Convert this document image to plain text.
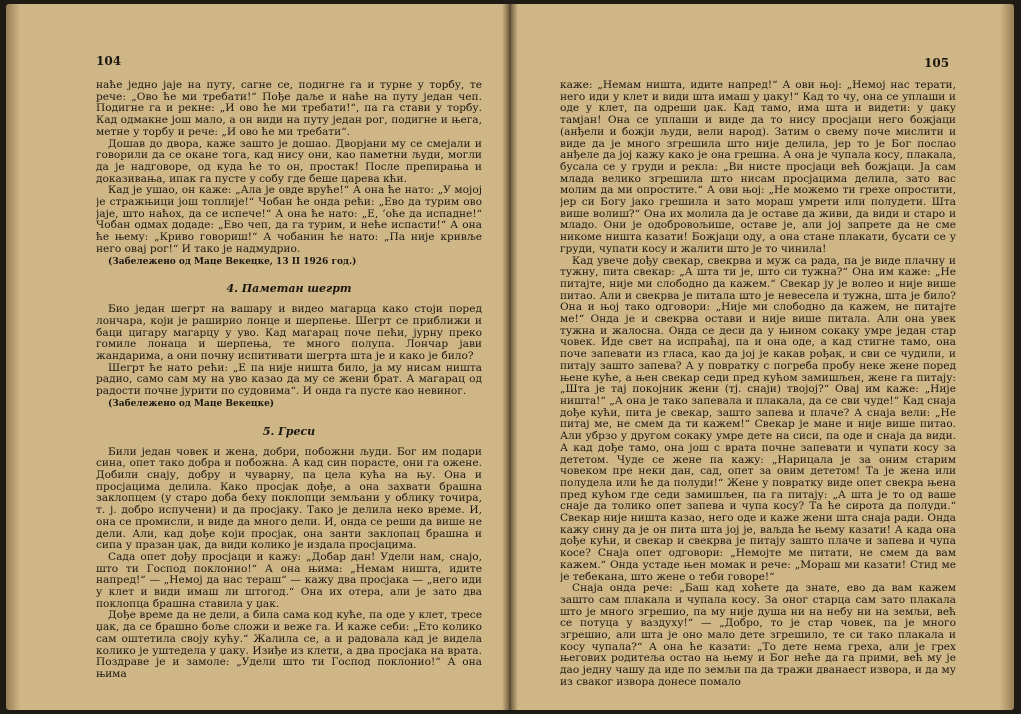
104

наће једно јаје на путу, сагне се, подигне га и турне у торбу, те рече: „Ово ће ми требати!“ Пође даље и наће на путу један чеп. Подигне га и рекне: „И ово ће ми требати!“, па га стави у торбу. Кад одмакне још мало, а он види на путу један рог, подигне и њега, метне у торбу и рече: „И ово ће ми требати“.

Дошав до двора, каже зашто је дошао. Дворјани му се смејали и говорили да се окане тога, кад нису они, као паметни људи, могли да је надговоре, од куда ће то он, простак! После препирања и доказивања, ипак га пусте у собу где беше царева кћи.

Кад је ушао, он каже: „Ала је овде вруће!“ А она ће нато: „У мојој је стражњици још топлије!“ Чобан ће онда рећи: „Ево да турим ово јаје, што наћох, да се испече!“ А она ће нато: „Е, ’оће да испадне!“ Чобан одмах додаде: „Ево чеп, да га турим, и неће испасти!“ А она ће њему: „Криво говориш!“ А чобанин ће нато: „Па није кривље него овај рог!“ И тако је надмудрио.

(Забележено од Маце Векецке, 13 II 1926 год.)
4. Паметан шегрт

Био један шегрт на вашару и видео магарца како стоји поред лончара, који је раширио лонце и шерпење. Шегрт се приближи и баци цигару магарцу у уво. Кад магарац поче пећи, јурну преко гомиле лонаца и шерпења, те много полупа. Лончар јави жандарима, а они почну испитивати шегрта шта је и како је било?

Шегрт ће нато рећи: „Е па није ништа било, ја му нисам ништа радио, само сам му на уво казао да му се жени брат. А магарац од радости почне јурити по судовима“. И онда га пусте као невиног.

(Забележено од Маце Векецке)
5. Греси

Били један човек и жена, добри, побожни људи. Бог им подари сина, опет тако добра и побожна. А кад син порасте, они га ожене. Добили снају, добру и чуварну, па цела кућа на њу. Она и просјацима делила. Како просјак дође, а она захвати брашна заклопцем (у старо доба беху поклопци земљани у облику точира, т. ј. добро испучени) и да просјаку. Тако је делила неко време. И, она се промисли, и виде да много дели. И, онда се реши да више не дели. Али, кад дође који просјак, она занти заклопац брашна и сипа у празан џак, да види колико је издала просјацима.

Сада опет дођу просјаци и кажу: „Добар дан! Удели нам, снајо, што ти Господ поклонио!“ А она њима: „Немам ништа, идите напред!“ — „Немој да нас тераш“ — кажу два просјака — „него иди у клет и види имаш ли штогод.“ Она их отера, али је зато два поклопца брашна ставила у џак.

Дође време да не дели, а била сама код куће, па оде у клет, тресе џак, да се брашно боље сложи и веже га. И каже себи: „Ето колико сам оштетила своју кућу.“ Жалила се, а и радовала кад је видела колико је уштедела у џаку. Изиђе из клети, а два просјака на врата. Поздраве је и замоле: „Удели што ти Господ поклонио!“ А она њима

105

каже: „Немам ништа, идите напред!“ А ови њој: „Немој нас терати, него иди у клет и види шта имаш у џаку!“ Кад то чу, она се уплаши и оде у клет, па одреши џак. Кад тамо, има шта и видети: у џаку тамјан! Она се уплаши и виде да то нису просјаци него божјаци (анђели и божји људи, вели народ). Затим о свему поче мислити и виде да је много згрешила што није делила, јер то је Бог послао анђеле да јој кажу како је она грешна. А она је чупала косу, плакала, бусала се у груди и рекла: „Ви нисте просјаци већ божјаци. Ја сам млада велико згрешила што нисам просјацима делила, зато вас молим да ми опростите.“ А ови њој: „Не можемо ти грехе опростити, јер си Богу јако грешила и зато мораш умрети или полудети. Шта више волиш?“ Она их молила да је оставе да живи, да види и старо и младо. Они је одобровољише, оставе је, али јој запрете да не сме никоме ништа казати! Божјаци оду, а она стане плакати, бусати се у груди, чупати косу и жалити што је то чинила!

Кад увече дођу свекар, свекрва и муж са рада, па је виде плачну и тужну, пита свекар: „А шта ти је, што си тужна?“ Она им каже: „Не питајте, није ми слободно да кажем.“ Свекар ју је волео и није више питао. Али и свекрва је питала што је невесела и тужна, шта је било? Она и њој тако одговори: „Није ми слободно да кажем, не питајте ме!“ Онда је и свекрва остави и није више питала. Али она увек тужна и жалосна. Онда се деси да у њином сокаку умре један стар човек. Иде свет на испраћај, па и она оде, а кад стигне тамо, она поче запевати из гласа, као да јој је какав рођак, и сви се чудили, и питају зашто запева? А у повратку с погреба пробу неке жене поред њене куће, а њен свекар седи пред кућом замишљен, жене га питају: „Шта је тај покојник жени (тј. снаји) твојој?“ Овај им каже: „Није ништа!“ „А она је тако запевала и плакала, да се сви чуде!“ Кад снаја дође кући, пита је свекар, зашто запева и плаче? А снаја вели: „Не питај ме, не смем да ти кажем!“ Свекар је мане и није више питао. Али убрзо у другом сокаку умре дете на сиси, па оде и снаја да види. А кад дође тамо, она још с врата почне запевати и чупати косу за дететом. Чуде се жене па кажу: „Нарицала је за оним старим човеком пре неки дан, сад, опет за овим дететом! Та је жена или полудела или ће да полуди!“ Жене у повратку виде опет свекра њена пред кућом где седи замишљен, па га питају: „А шта је то од ваше снаје да толико опет запева и чупа косу? Та ће сирота да полуди.“ Свекар није ништа казао, него оде и каже жени шта снаја ради. Онда кажу сину да је он пита шта јој је, ваљда ће њему казати! А када она дође кући, и свекар и свекрва је питају зашто плаче и запева и чупа косе? Снаја опет одговори: „Немојте ме питати, не смем да вам кажем.“ Онда устаде њен момак и рече: „Мораш ми казати! Стид ме је тебекана, што жене о теби говоре!“

Снаја онда рече: „Баш кад хоћете да знате, ево да вам кажем зашто сам плакала и чупала косу. За оног старца сам зато плакала што је много згрешио, па му није душа ни на небу ни на земљи, већ се потуца у ваздуху!“ — „Добро, то је стар човек, па је много згрешио, али шта је оно мало дете згрешило, те си тако плакала и косу чупала?“ А она ће казати: „То дете нема греха, али је грех његових родитеља остао на њему и Бог неће да га прими, већ му је дао једну чашу да иде по земљи па да тражи дванаест извора, и да му из сваког извора донесе помало
